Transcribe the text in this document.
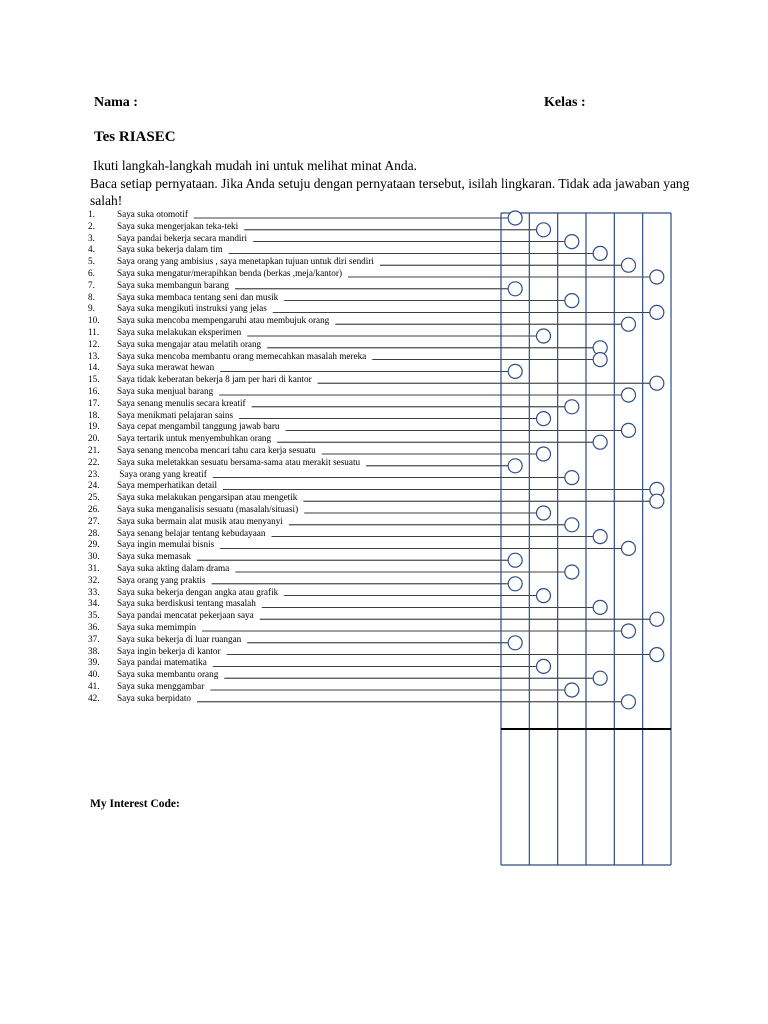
Nama :	Kelas :
Tes RIASEC
Ikuti langkah-langkah mudah ini untuk melihat minat Anda.
Baca setiap pernyataan. Jika Anda setuju dengan pernyataan tersebut, isilah lingkaran. Tidak ada jawaban yang salah!
1. Saya suka otomotif
2. Saya suka mengerjakan teka-teki
3. Saya pandai bekerja secara mandiri
4. Saya suka bekerja dalam tim
5. Saya orang yang ambisius , saya menetapkan tujuan untuk diri sendiri
6. Saya suka mengatur/merapihkan benda (berkas ,meja/kantor)
7. Saya suka membangun barang
8. Saya suka membaca tentang seni dan musik
9. Saya suka mengikuti instruksi yang jelas
10. Saya suka mencoba mempengaruhi atau membujuk orang
11. Saya suka melakukan eksperimen
12. Saya suka mengajar atau melatih orang
13. Saya suka mencoba membantu orang memecahkan masalah mereka
14. Saya suka merawat hewan
15. Saya tidak keberatan bekerja 8 jam per hari di kantor
16. Saya suka menjual barang
17. Saya senang menulis secara kreatif
18. Saya menikmati pelajaran sains
19. Saya cepat mengambil tanggung jawab baru
20. Saya tertarik untuk menyembuhkan orang
21. Saya senang mencoba mencari tahu cara kerja sesuatu
22. Saya suka meletakkan sesuatu bersama-sama atau merakit sesuatu
23. Saya orang yang kreatif
24. Saya memperhatikan detail
25. Saya suka melakukan pengarsipan atau mengetik
26. Saya suka menganalisis sesuatu (masalah/situasi)
27. Saya suka bermain alat musik atau menyanyi
28. Saya senang belajar tentang kebudayaan
29. Saya ingin memulai bisnis
30. Saya suka memasak
31. Saya suka akting dalam drama
32. Saya orang yang praktis
33. Saya suka bekerja dengan angka atau grafik
34. Saya suka berdiskusi tentang masalah
35. Saya pandai mencatat pekerjaan saya
36. Saya suka memimpin
37. Saya suka bekerja di luar ruangan
38. Saya ingin bekerja di kantor
39. Saya pandai matematika
40. Saya suka membantu orang
41. Saya suka menggambar
42. Saya suka berpidato
My Interest Code:
